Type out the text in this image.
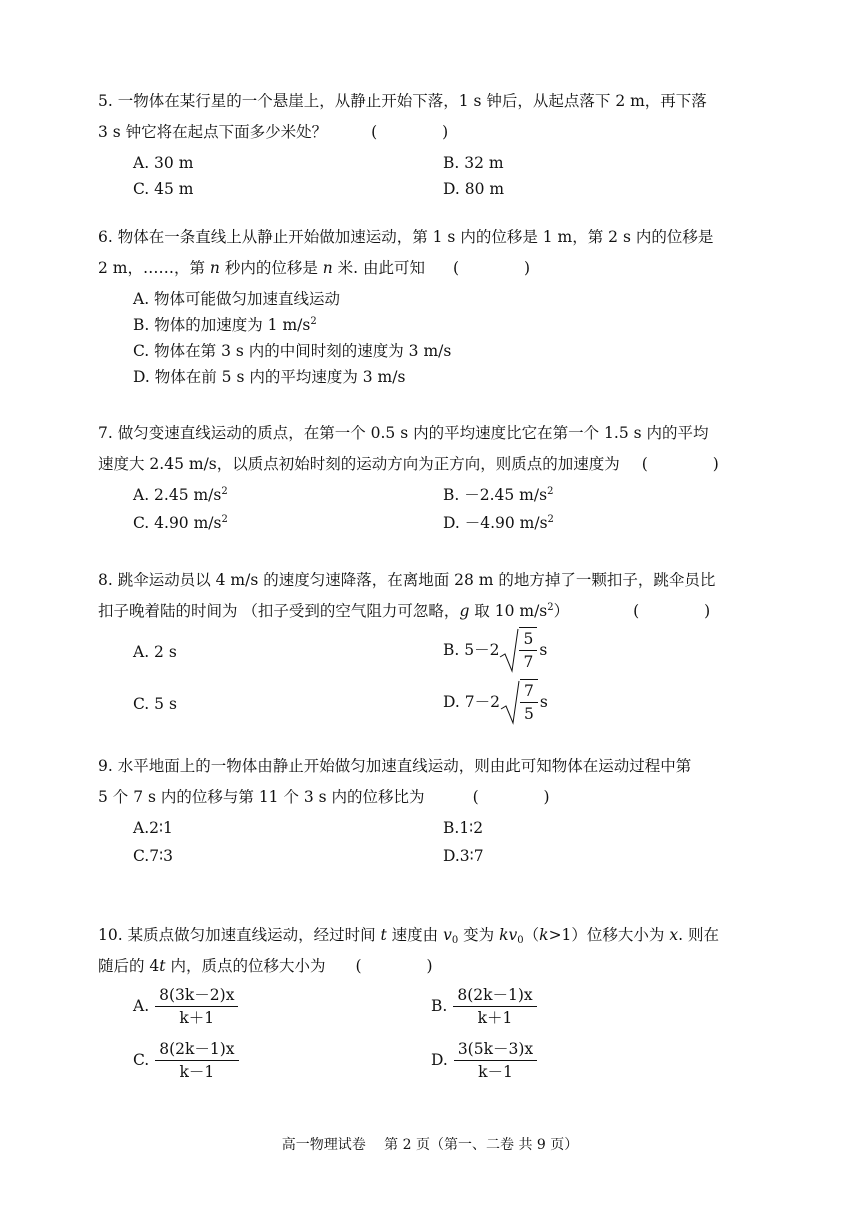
5. 一物体在某行星的一个悬崖上，从静止开始下落，1 s 钟后，从起点落下 2 m，再下落
3 s 钟它将在起点下面多少米处？	( )
A. 30 m	B. 32 m
C. 45 m	D. 80 m
6. 物体在一条直线上从静止开始做加速运动，第 1 s 内的位移是 1 m，第 2 s 内的位移是
2 m，……，第 n 秒内的位移是 n 米. 由此可知 ( )
A. 物体可能做匀加速直线运动
B. 物体的加速度为 1 $m/s^2$
C. 物体在第 3 s 内的中间时刻的速度为 3 m/s
D. 物体在前 5 s 内的平均速度为 3 m/s
7. 做匀变速直线运动的质点，在第一个 0.5 s 内的平均速度比它在第一个 1.5 s 内的平均
速度大 2.45 m/s，以质点初始时刻的运动方向为正方向，则质点的加速度为 ( )
A. 2.45 $m/s^2$	B. －2.45 $m/s^2$
C. 4.90 $m/s^2$	D. －4.90 $m/s^2$
8. 跳伞运动员以 4 m/s 的速度匀速降落，在离地面 28 m 的地方掉了一颗扣子，跳伞员比
扣子晚着陆的时间为 （扣子受到的空气阻力可忽略，g 取 10 $m/s^2$）	( )
A. 2 s	B. $5-2 \frac{5}{7}$ s
C. 5 s	D. $7-2 \frac{7}{5}$ s
9. 水平地面上的一物体由静止开始做匀加速直线运动，则由此可知物体在运动过程中第
5 个 7 s 内的位移与第 11 个 3 s 内的位移比为	( )
A.2∶1	B.1∶2
C.7∶3	D.3∶7
10. 某质点做匀加速直线运动，经过时间 t 速度由 $v_0$ 变为 $kv_0(k>1)$位移大小为 x. 则在
随后的 4t 内，质点的位移大小为 ( )
A. $\frac{8(3k-2)x}{k+1}$	B. $\frac{8(2k-1)x}{k+1}$
C. $\frac{8(2k-1)x}{k-1}$	D. $\frac{3(5k-3)x}{k-1}$
高一物理试卷　 第 2 页（第一、二卷 共 9 页）
